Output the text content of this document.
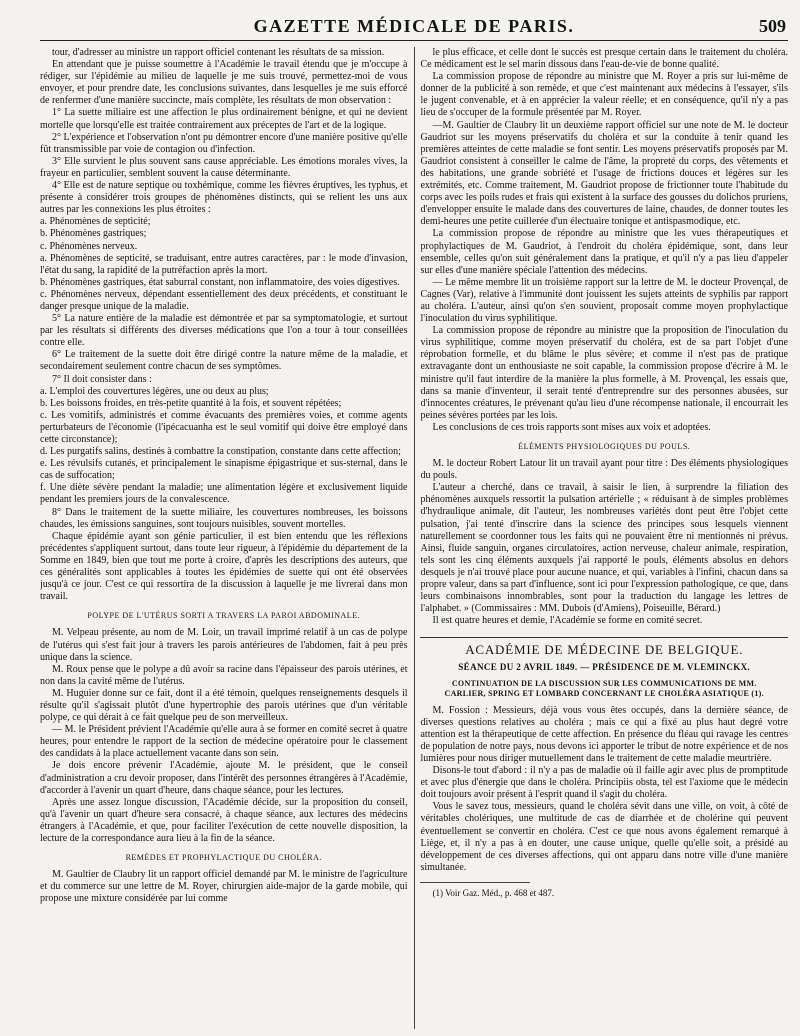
GAZETTE MÉDICALE DE PARIS.	509

tour, d'adresser au ministre un rapport officiel contenant les résultats de sa mission.

En attendant que je puisse soumettre à l'Académie le travail étendu que je m'occupe à rédiger, sur l'épidémie au milieu de laquelle je me suis trouvé, permettez-moi de vous envoyer, et pour prendre date, les conclusions suivantes, dans lesquelles je me suis efforcé de renfermer d'une manière succincte, mais complète, les résultats de mon observation :

1° La suette miliaire est une affection le plus ordinairement bénigne, et qui ne devient mortelle que lorsqu'elle est traitée contrairement aux préceptes de l'art et de la logique.

2° L'expérience et l'observation n'ont pu démontrer encore d'une manière positive qu'elle fût transmissible par voie de contagion ou d'infection.

3° Elle survient le plus souvent sans cause appréciable. Les émotions morales vives, la frayeur en particulier, semblent souvent la cause déterminante.

4° Elle est de nature septique ou toxhémique, comme les fièvres éruptives, les typhus, et présente à considérer trois groupes de phénomènes distincts, qui se relient les uns aux autres par les connexions les plus étroites :

a. Phénomènes de septicité;

b. Phénomènes gastriques;

c. Phénomènes nerveux.

a. Phénomènes de septicité, se traduisant, entre autres caractères, par : le mode d'invasion, l'état du sang, la rapidité de la putréfaction après la mort.

b. Phénomènes gastriques, état saburral constant, non inflammatoire, des voies digestives.

c. Phénomènes nerveux, dépendant essentiellement des deux précédents, et constituant le danger presque unique de la maladie.

5° La nature entière de la maladie est démontrée et par sa symptomatologie, et surtout par les résultats si différents des diverses médications que l'on a tour à tour conseillées contre elle.

6° Le traitement de la suette doit être dirigé contre la nature même de la maladie, et secondairement seulement contre chacun de ses symptômes.

7° Il doit consister dans :

a. L'emploi des couvertures légères, une ou deux au plus;

b. Les boissons froides, en très-petite quantité à la fois, et souvent répétées;

c. Les vomitifs, administrés et comme évacuants des premières voies, et comme agents perturbateurs de l'économie (l'ipécacuanha est le seul vomitif qui doive être employé dans cette circonstance);

d. Les purgatifs salins, destinés à combattre la constipation, constante dans cette affection;

e. Les révulsifs cutanés, et principalement le sinapisme épigastrique et sus-sternal, dans le cas de suffocation;

f. Une diète sévère pendant la maladie; une alimentation légère et exclusivement liquide pendant les premiers jours de la convalescence.

8° Dans le traitement de la suette miliaire, les couvertures nombreuses, les boissons chaudes, les émissions sanguines, sont toujours nuisibles, souvent mortelles.

Chaque épidémie ayant son génie particulier, il est bien entendu que les réflexions précédentes s'appliquent surtout, dans toute leur rigueur, à l'épidémie du département de la Somme en 1849, bien que tout me porte à croire, d'après les descriptions des auteurs, que ces généralités sont applicables à toutes les épidémies de suette qui ont été observées jusqu'à ce jour. C'est ce qui ressortira de la discussion à laquelle je me livrerai dans mon travail.

POLYPE DE L'UTÉRUS SORTI A TRAVERS LA PAROI ABDOMINALE.

M. Velpeau présente, au nom de M. Loir, un travail imprimé relatif à un cas de polype de l'utérus qui s'est fait jour à travers les parois antérieures de l'abdomen, fait à peu près unique dans la science.

M. Roux pense que le polype a dû avoir sa racine dans l'épaisseur des parois utérines, et non dans la cavité même de l'utérus.

M. Huguier donne sur ce fait, dont il a été témoin, quelques renseignements desquels il résulte qu'il s'agissait plutôt d'une hypertrophie des parois utérines que d'un véritable polype, ce qui dérait à ce fait quelque peu de son merveilleux.

— M. le Président prévient l'Académie qu'elle aura à se former en comité secret à quatre heures, pour entendre le rapport de la section de médecine opératoire pour le classement des candidats à la place actuellement vacante dans son sein.

Je dois encore prévenir l'Académie, ajoute M. le président, que le conseil d'administration a cru devoir proposer, dans l'intérêt des personnes étrangères à l'Académie, d'accorder à l'avenir un quart d'heure, dans chaque séance, pour les lectures.

Après une assez longue discussion, l'Académie décide, sur la proposition du conseil, qu'à l'avenir un quart d'heure sera consacré, à chaque séance, aux lectures des médecins étrangers à l'Académie, et que, pour faciliter l'exécution de cette nouvelle disposition, la lecture de la correspondance aura lieu à la fin de la séance.

REMÈDES ET PROPHYLACTIQUE DU CHOLÉRA.

M. Gaultier de Claubry lit un rapport officiel demandé par M. le ministre de l'agriculture et du commerce sur une lettre de M. Royer, chirurgien aide-major de la garde mobile, qui propose une mixture considérée par lui comme

le plus efficace, et celle dont le succès est presque certain dans le traitement du choléra. Ce médicament est le sel marin dissous dans l'eau-de-vie de bonne qualité.

La commission propose de répondre au ministre que M. Royer a pris sur lui-même de donner de la publicité à son remède, et que c'est maintenant aux médecins à l'essayer, s'ils le jugent convenable, et à en apprécier la valeur réelle; et en conséquence, qu'il n'y a pas lieu de s'occuper de la formule présentée par M. Royer.

—M. Gaultier de Claubry lit un deuxième rapport officiel sur une note de M. le docteur Gaudriot sur les moyens préservatifs du choléra et sur la conduite à tenir quand les premières atteintes de cette maladie se font sentir. Les moyens préservatifs proposés par M. Gaudriot consistent à conseiller le calme de l'âme, la propreté du corps, des vêtements et des habitations, une grande sobriété et l'usage de frictions douces et légères sur les extrémités, etc. Comme traitement, M. Gaudriot propose de frictionner toute l'habitude du corps avec les poils rudes et frais qui existent à la surface des gousses du dolichos pruriens, d'envelopper ensuite le malade dans des couvertures de laine, chaudes, de donner toutes les demi-heures une petite cuillerée d'un électuaire tonique et antispasmodique, etc.

La commission propose de répondre au ministre que les vues thérapeutiques et prophylactiques de M. Gaudriot, à l'endroit du choléra épidémique, sont, dans leur ensemble, celles qu'on suit généralement dans la pratique, et qu'il n'y a pas lieu d'appeler sur elles d'une manière spéciale l'attention des médecins.

— Le même membre lit un troisième rapport sur la lettre de M. le docteur Provençal, de Cagnes (Var), relative à l'immunité dont jouissent les sujets atteints de syphilis par rapport au choléra. L'auteur, ainsi qu'on s'en souvient, proposait comme moyen prophylactique l'inoculation du virus syphilitique.

La commission propose de répondre au ministre que la proposition de l'inoculation du virus syphilitique, comme moyen préservatif du choléra, est de sa part l'objet d'une réprobation formelle, et du blâme le plus sévère; et comme il n'est pas de pratique extravagante dont un enthousiaste ne soit capable, la commission propose d'écrire à M. le ministre qu'il faut interdire de la manière la plus formelle, à M. Provençal, les essais que, dans sa manie d'inventeur, il serait tenté d'entreprendre sur des personnes abusées, sur d'innocentes créatures, le prévenant qu'au lieu d'une récompense nationale, il encourrait les peines sévères portées par les lois.

Les conclusions de ces trois rapports sont mises aux voix et adoptées.

ÉLÉMENTS PHYSIOLOGIQUES DU POULS.

M. le docteur Robert Latour lit un travail ayant pour titre : Des éléments physiologiques du pouls.

L'auteur a cherché, dans ce travail, à saisir le lien, à surprendre la filiation des phénomènes auxquels ressortit la pulsation artérielle ; « réduisant à de simples problèmes d'hydraulique animale, dit l'auteur, les nombreuses variétés dont peut être l'objet cette pulsation, j'ai tenté d'inscrire dans la science des principes sous lesquels viennent naturellement se coordonner tous les faits qui ne pouvaient être ni mentionnés ni prévus. Ainsi, fluide sanguin, organes circulatoires, action nerveuse, chaleur animale, respiration, tels sont les cinq éléments auxquels j'ai rapporté le pouls, éléments absolus en dehors desquels je n'ai trouvé place pour aucune nuance, et qui, variables à l'infini, chacun dans sa propre valeur, dans sa part d'influence, sont ici pour l'expression pathologique, ce que, dans leurs combinaisons innombrables, sont pour la traduction du langage les lettres de l'alphabet. » (Commissaires : MM. Dubois (d'Amiens), Poiseuille, Bérard.)

Il est quatre heures et demie, l'Académie se forme en comité secret.

ACADÉMIE DE MÉDECINE DE BELGIQUE.
SÉANCE DU 2 AVRIL 1849. — PRÉSIDENCE DE M. VLEMINCKX.
CONTINUATION DE LA DISCUSSION SUR LES COMMUNICATIONS DE MM. CARLIER, SPRING ET LOMBARD CONCERNANT LE CHOLÉRA ASIATIQUE (1).

M. Fossion : Messieurs, déjà vous vous êtes occupés, dans la dernière séance, de diverses questions relatives au choléra ; mais ce qui a fixé au plus haut degré votre attention est la thérapeutique de cette affection. En présence du fléau qui ravage les centres de population de notre pays, nous devons ici apporter le tribut de notre expérience et de nos lumières pour nous diriger mutuellement dans le traitement de cette maladie meurtrière.

Disons-le tout d'abord : il n'y a pas de maladie où il faille agir avec plus de promptitude et avec plus d'énergie que dans le choléra. Principiis obsta, tel est l'axiome que le médecin doit toujours avoir présent à l'esprit quand il s'agit du choléra.

Vous le savez tous, messieurs, quand le choléra sévit dans une ville, on voit, à côté de véritables cholériques, une multitude de cas de diarrhée et de cholérine qui peuvent éventuellement se convertir en choléra. C'est ce que nous avons également remarqué à Liège, et, il n'y a pas à en douter, une cause unique, quelle qu'elle soit, a présidé au développement de ces diverses affections, qui ont apparu dans notre ville d'une manière simultanée.

(1) Voir Gaz. Méd., p. 468 et 487.
